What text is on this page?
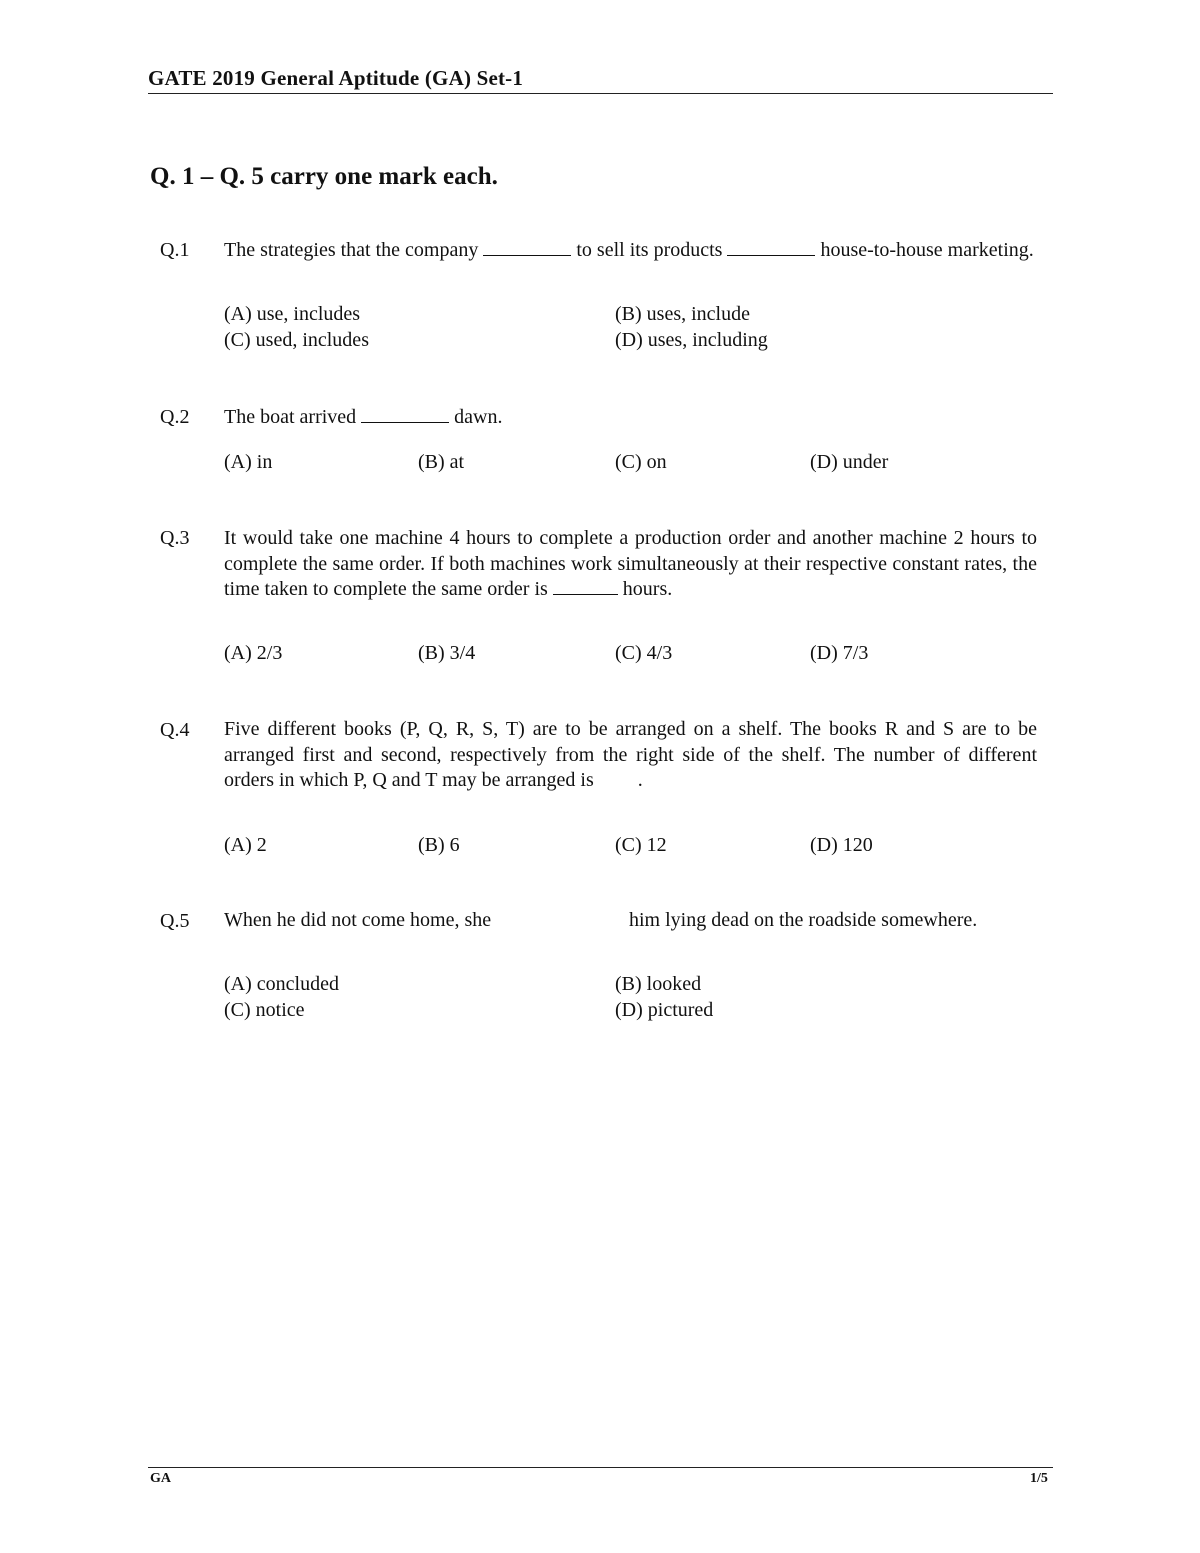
GATE 2019 General Aptitude (GA) Set-1
Q. 1 – Q. 5 carry one mark each.
Q.1 The strategies that the company	to sell its products	house-to-house marketing.
(A) use, includes	(B) uses, include
(C) used, includes	(D) uses, including
Q.2 The boat arrived	dawn.
(A) in	(B) at	(C) on	(D) under
Q.3 It would take one machine 4 hours to complete a production order and another machine 2 hours to complete the same order. If both machines work simultaneously at their respective constant rates, the time taken to complete the same order is	hours.
(A) 2/3	(B) 3/4	(C) 4/3	(D) 7/3
Q.4 Five different books (P, Q, R, S, T) are to be arranged on a shelf. The books R and S are to be arranged first and second, respectively from the right side of the shelf. The number of different orders in which P, Q and T may be arranged is .
(A) 2	(B) 6	(C) 12	(D) 120
Q.5 When he did not come home, she	him lying dead on the roadside somewhere.
(A) concluded	(B) looked
(C) notice	(D) pictured
GA	1/5
